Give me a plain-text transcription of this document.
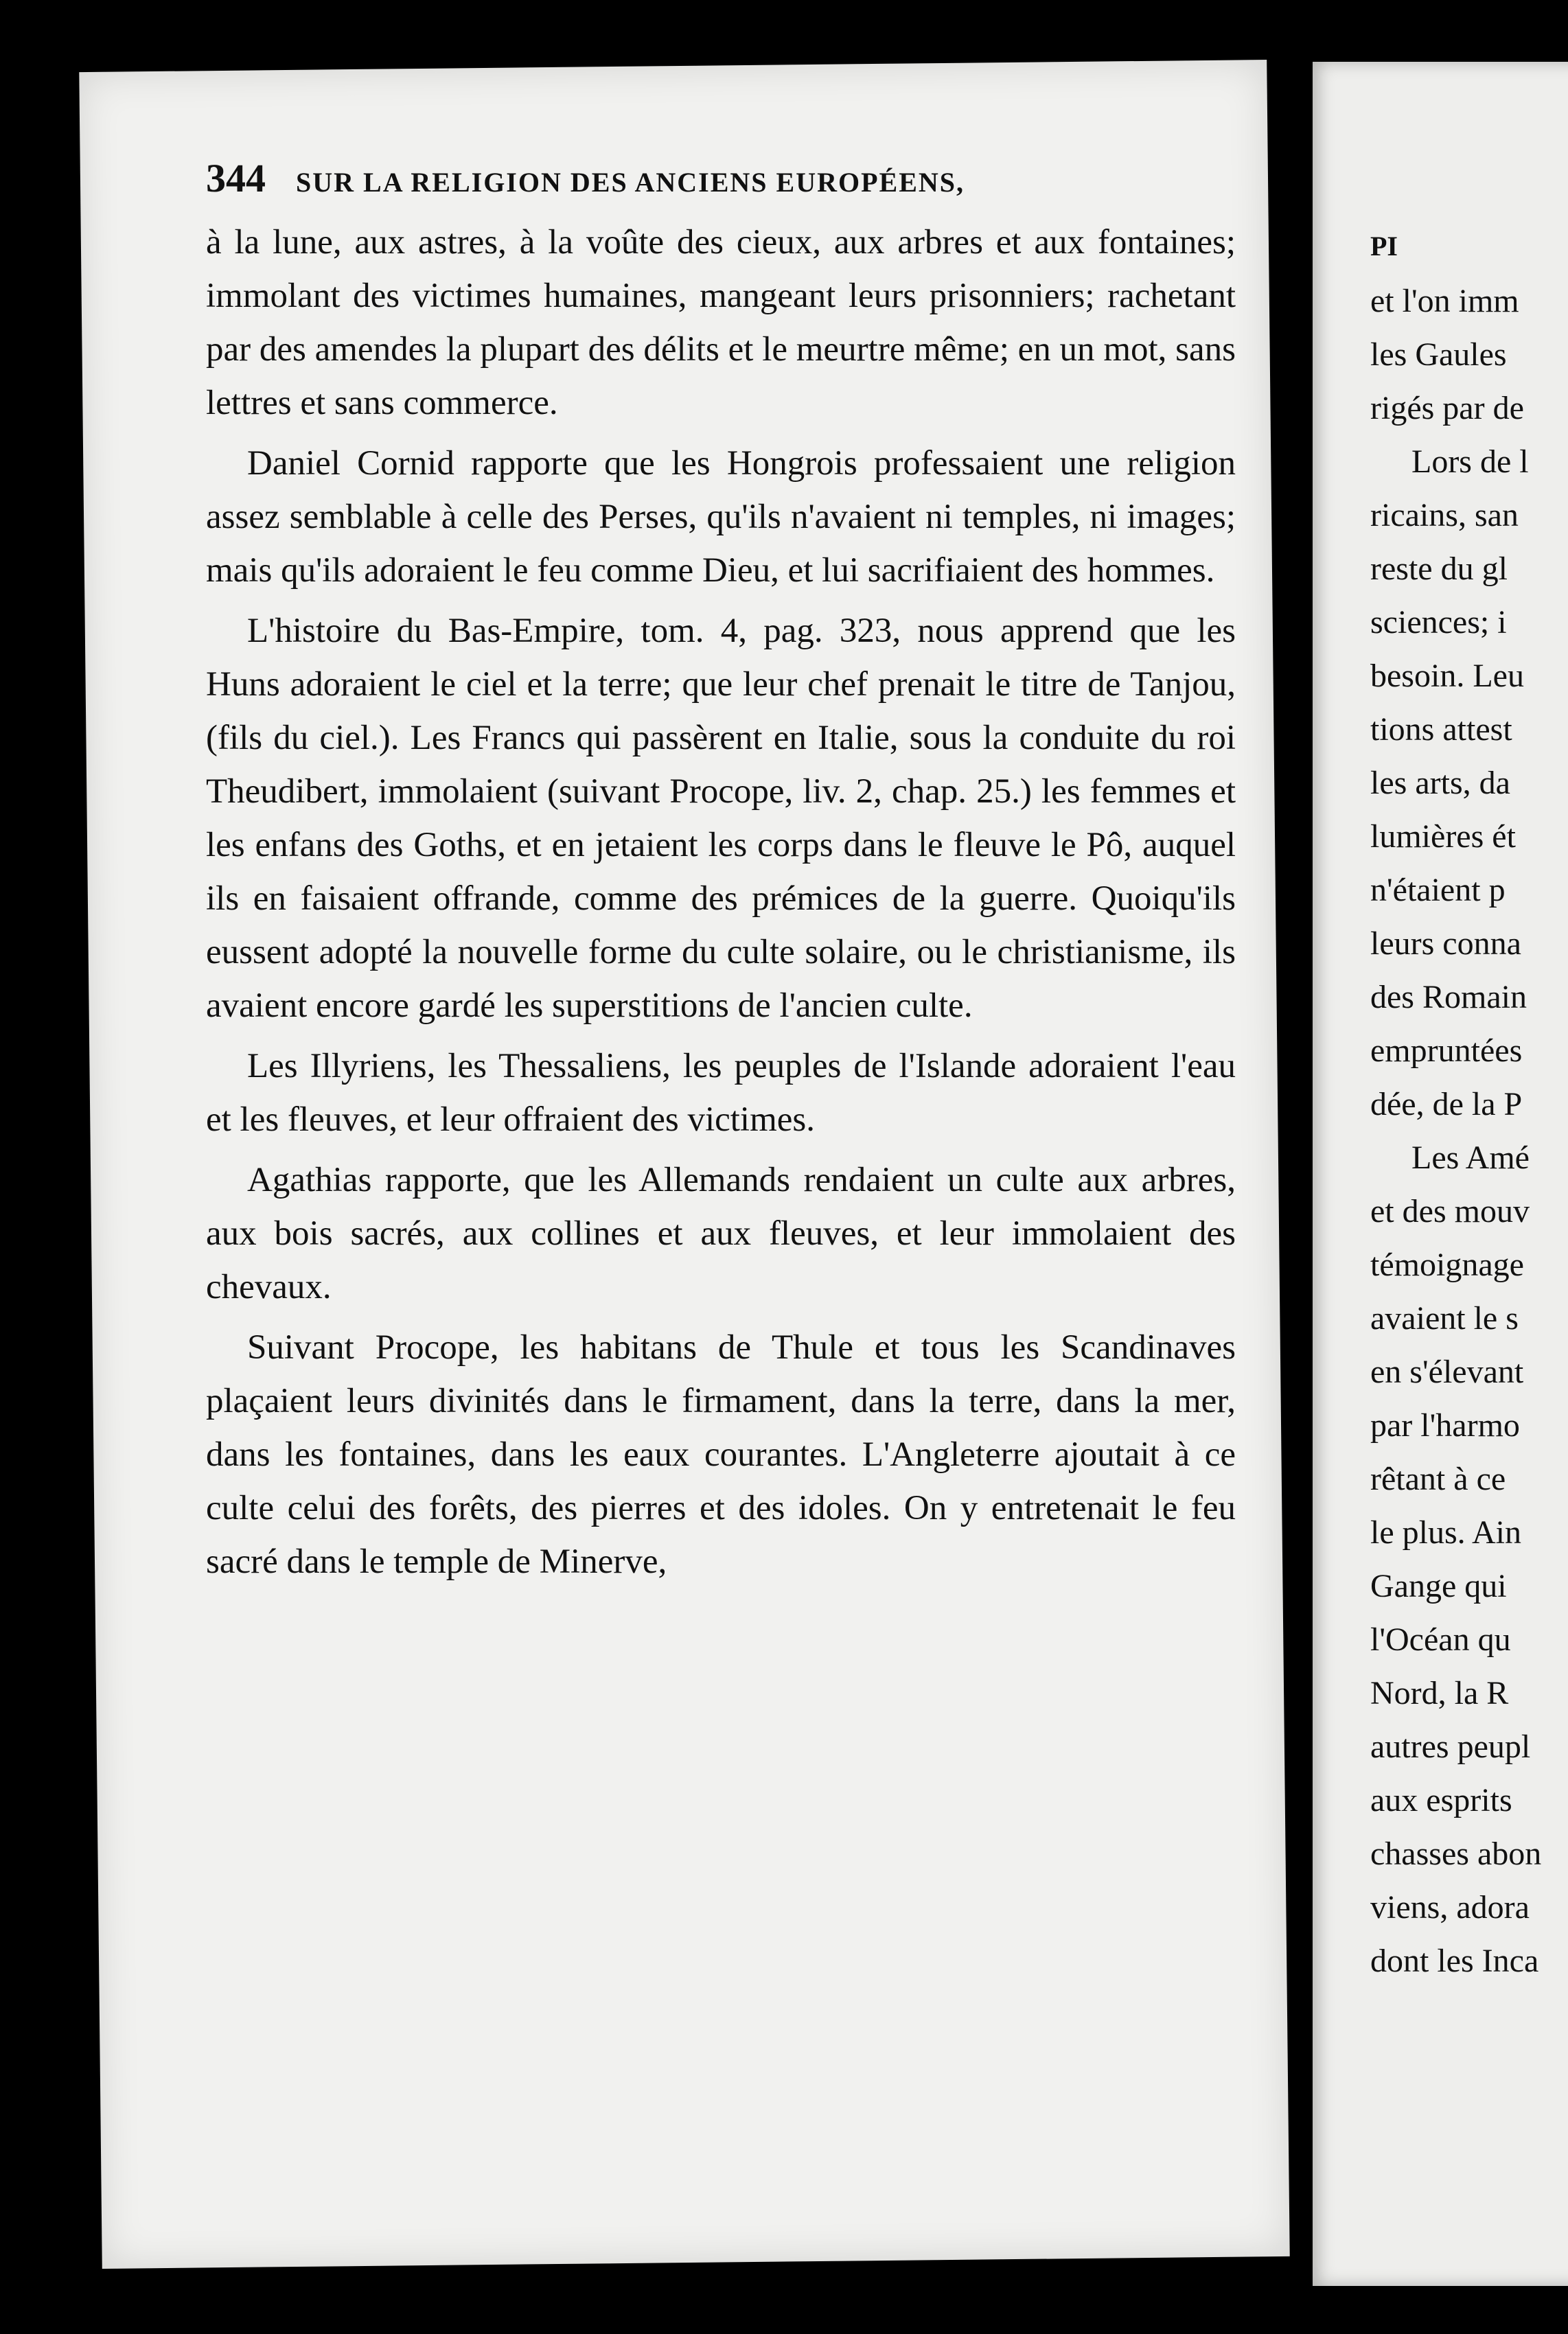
344 SUR LA RELIGION DES ANCIENS EUROPÉENS,

à la lune, aux astres, à la voûte des cieux, aux arbres et aux fontaines; immolant des victimes humaines, mangeant leurs prisonniers; rachetant par des amendes la plupart des délits et le meurtre même; en un mot, sans lettres et sans commerce.

Daniel Cornid rapporte que les Hongrois professaient une religion assez semblable à celle des Perses, qu'ils n'avaient ni temples, ni images; mais qu'ils adoraient le feu comme Dieu, et lui sacrifiaient des hommes.

L'histoire du Bas-Empire, tom. 4, pag. 323, nous apprend que les Huns adoraient le ciel et la terre; que leur chef prenait le titre de Tanjou, (fils du ciel.). Les Francs qui passèrent en Italie, sous la conduite du roi Theudibert, immolaient (suivant Procope, liv. 2, chap. 25.) les femmes et les enfans des Goths, et en jetaient les corps dans le fleuve le Pô, auquel ils en faisaient offrande, comme des prémices de la guerre. Quoiqu'ils eussent adopté la nouvelle forme du culte solaire, ou le christianisme, ils avaient encore gardé les superstitions de l'ancien culte.

Les Illyriens, les Thessaliens, les peuples de l'Islande adoraient l'eau et les fleuves, et leur offraient des victimes.

Agathias rapporte, que les Allemands rendaient un culte aux arbres, aux bois sacrés, aux collines et aux fleuves, et leur immolaient des chevaux.

Suivant Procope, les habitans de Thule et tous les Scandinaves plaçaient leurs divinités dans le firmament, dans la terre, dans la mer, dans les fontaines, dans les eaux courantes. L'Angleterre ajoutait à ce culte celui des forêts, des pierres et des idoles. On y entretenait le feu sacré dans le temple de Minerve,

PI
et l'on imm
les Gaules
rigés par de
Lors de l
ricains, san
reste du gl
sciences; i
besoin. Leu
tions attest
les arts, da
lumières ét
n'étaient p
leurs conna
des Romain
empruntées
dée, de la P
Les Amé
et des mouv
témoignage
avaient le s
en s'élevant
par l'harmo
rêtant à ce
le plus. Ain
Gange qui
l'Océan qu
Nord, la R
autres peupl
aux esprits
chasses abon
viens, adora
dont les Inca
